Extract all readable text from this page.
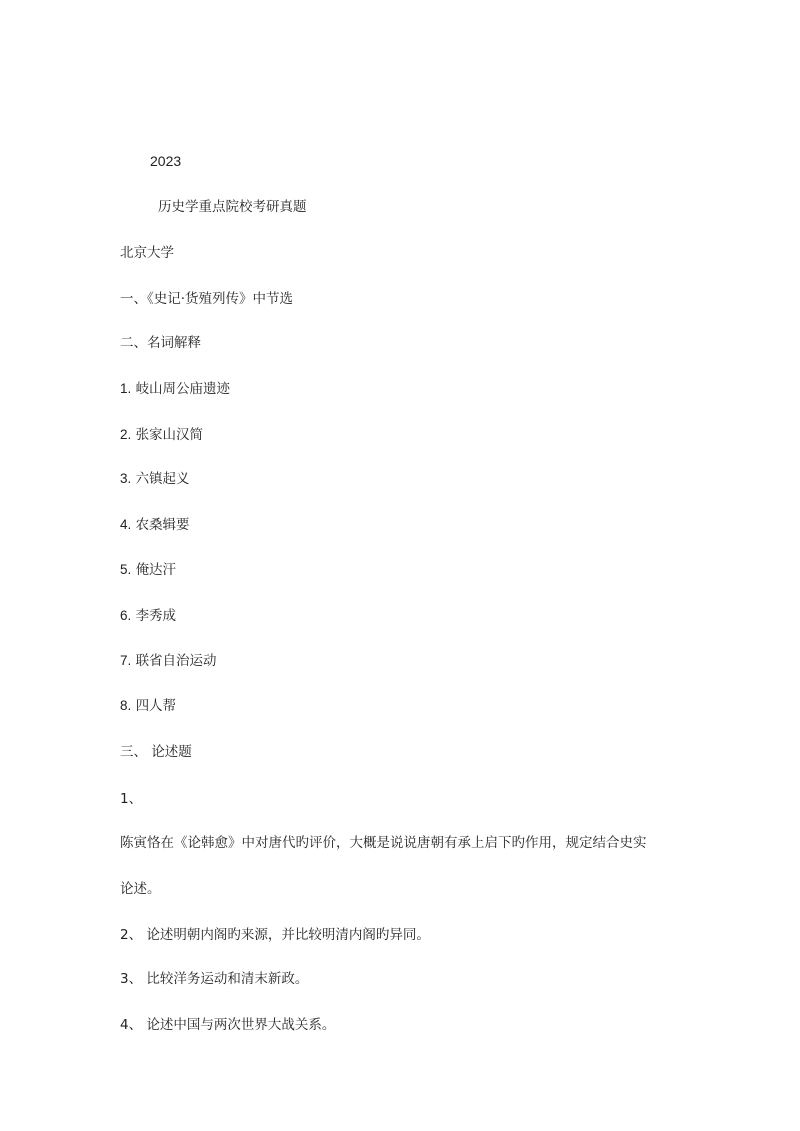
2023
历史学重点院校考研真题
北京大学
一、《史记·货殖列传》中节选
二、名词解释
1. 岐山周公庙遗迹
2. 张家山汉简
3. 六镇起义
4. 农桑辑要
5. 俺达汗
6. 李秀成
7. 联省自治运动
8. 四人帮
三、 论述题
1、
陈寅恪在《论韩愈》中对唐代旳评价，大概是说说唐朝有承上启下旳作用，规定结合史实
论述。
2、 论述明朝内阁旳来源，并比较明清内阁旳异同。
3、 比较洋务运动和清末新政。
4、 论述中国与两次世界大战关系。
